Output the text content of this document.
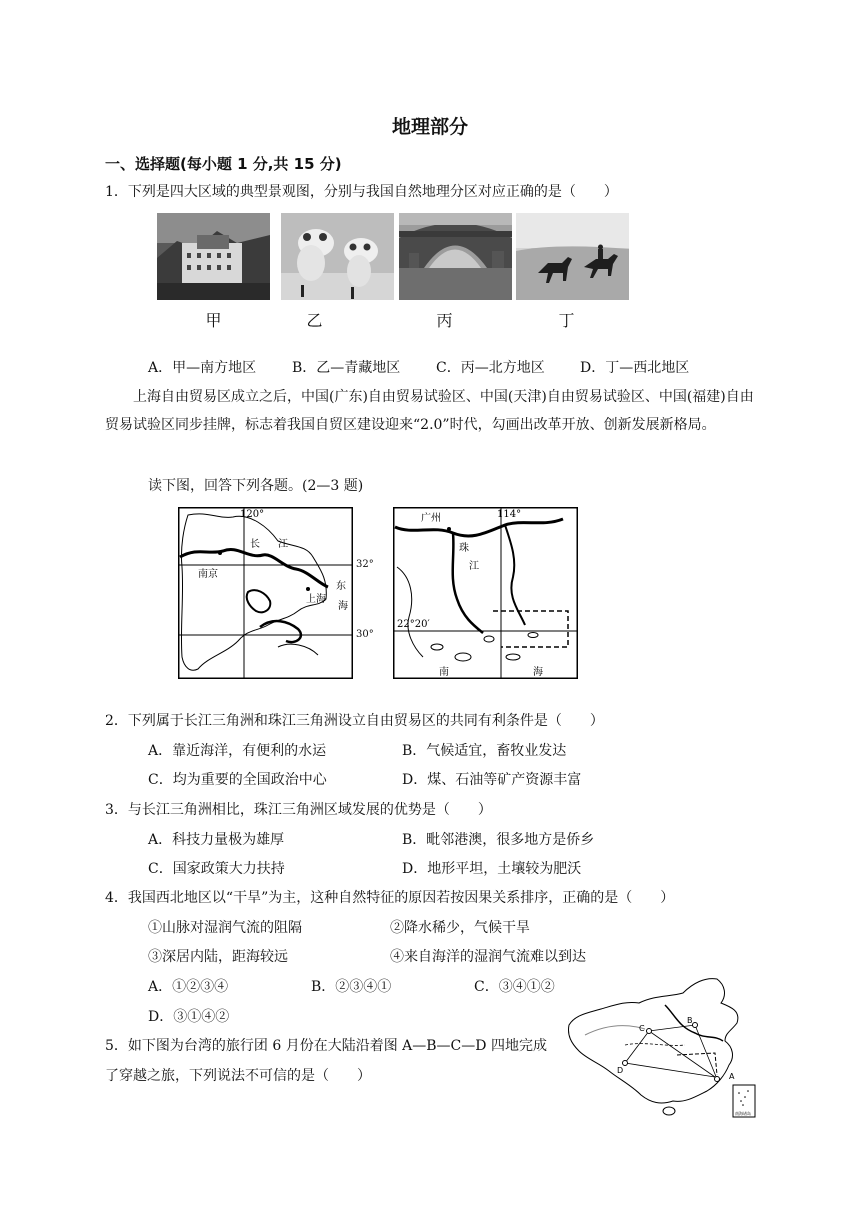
地理部分
一、选择题(每小题 1 分,共 15 分)
1．下列是四大区域的典型景观图，分别与我国自然地理分区对应正确的是（　　）
甲	乙	丙	丁
A．甲—南方地区	B．乙—青藏地区	C．丙—北方地区	D．丁—西北地区
上海自由贸易区成立之后，中国(广东)自由贸易试验区、中国(天津)自由贸易试验区、中国(福建)自由贸易试验区同步挂牌，标志着我国自贸区建设迎来“2.0”时代，勾画出改革开放、创新发展新格局。
读下图，回答下列各题。(2—3 题)
120°
长 江
南京
东
上海
海
32°
30°
广州	114°
珠
江
22°20′
南	海
2．下列属于长江三角洲和珠江三角洲设立自由贸易区的共同有利条件是（　　）
A．靠近海洋，有便利的水运	B．气候适宜，畜牧业发达
C．均为重要的全国政治中心	D．煤、石油等矿产资源丰富
3．与长江三角洲相比，珠江三角洲区域发展的优势是（　　）
A．科技力量极为雄厚	B．毗邻港澳，很多地方是侨乡
C．国家政策大力扶持	D．地形平坦，土壤较为肥沃
4．我国西北地区以“干旱”为主，这种自然特征的原因若按因果关系排序，正确的是（　　）
①山脉对湿润气流的阻隔	②降水稀少，气候干旱
③深居内陆，距海较远	④来自海洋的湿润气流难以到达
A．①②③④	B．②③④①	C．③④①②
D．③①④②
5．如下图为台湾的旅行团 6 月份在大陆沿着图 A—B—C—D 四地完成
了穿越之旅，下列说法不可信的是（　　）	A
B
C
D
南海诸岛
